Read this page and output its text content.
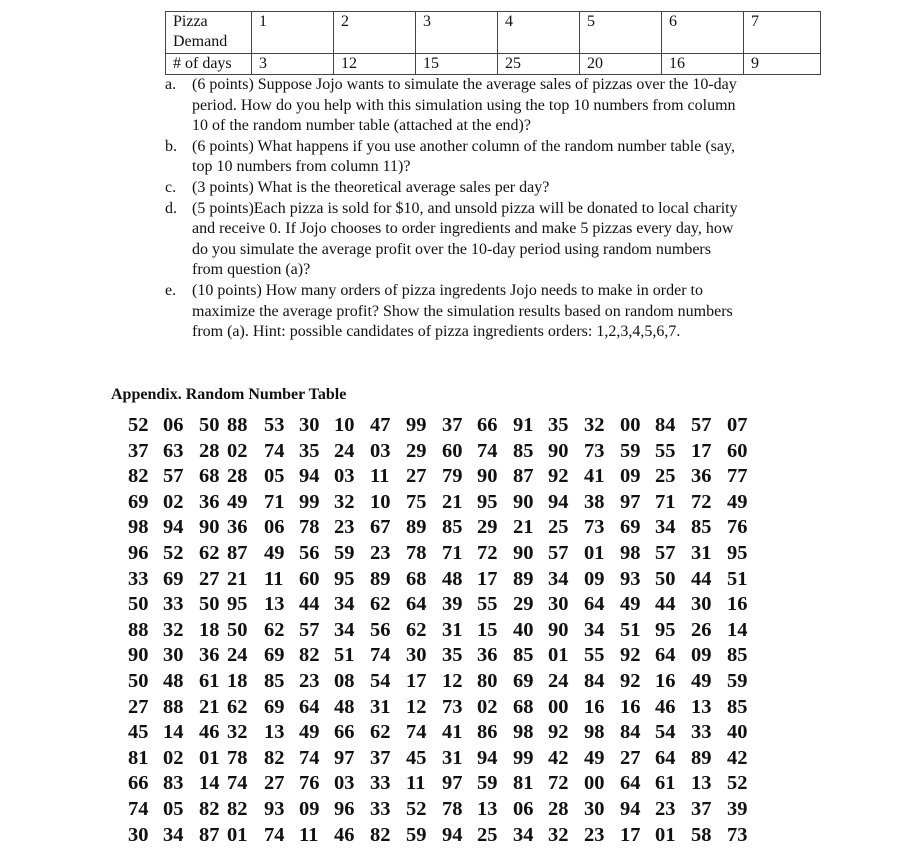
Pizza Demand	1	2	3	4	5	6	7
# of days	3	12	15	25	20	16	9
a. (6 points) Suppose Jojo wants to simulate the average sales of pizzas over the 10-day
period. How do you help with this simulation using the top 10 numbers from column
10 of the random number table (attached at the end)?
b. (6 points) What happens if you use another column of the random number table (say,
top 10 numbers from column 11)?
c. (3 points) What is the theoretical average sales per day?
d. (5 points)Each pizza is sold for $10, and unsold pizza will be donated to local charity
and receive 0. If Jojo chooses to order ingredients and make 5 pizzas every day, how
do you simulate the average profit over the 10-day period using random numbers
from question (a)?
e. (10 points) How many orders of pizza ingredents Jojo needs to make in order to
maximize the average profit? Show the simulation results based on random numbers
from (a). Hint: possible candidates of pizza ingredients orders: 1,2,3,4,5,6,7.
Appendix. Random Number Table
52 06 50 88 53 30 10 47 99 37 66 91 35 32 00 84 57 07
37 63 28 02 74 35 24 03 29 60 74 85 90 73 59 55 17 60
82 57 68 28 05 94 03 11 27 79 90 87 92 41 09 25 36 77
69 02 36 49 71 99 32 10 75 21 95 90 94 38 97 71 72 49
98 94 90 36 06 78 23 67 89 85 29 21 25 73 69 34 85 76
96 52 62 87 49 56 59 23 78 71 72 90 57 01 98 57 31 95
33 69 27 21 11 60 95 89 68 48 17 89 34 09 93 50 44 51
50 33 50 95 13 44 34 62 64 39 55 29 30 64 49 44 30 16
88 32 18 50 62 57 34 56 62 31 15 40 90 34 51 95 26 14
90 30 36 24 69 82 51 74 30 35 36 85 01 55 92 64 09 85
50 48 61 18 85 23 08 54 17 12 80 69 24 84 92 16 49 59
27 88 21 62 69 64 48 31 12 73 02 68 00 16 16 46 13 85
45 14 46 32 13 49 66 62 74 41 86 98 92 98 84 54 33 40
81 02 01 78 82 74 97 37 45 31 94 99 42 49 27 64 89 42
66 83 14 74 27 76 03 33 11 97 59 81 72 00 64 61 13 52
74 05 82 82 93 09 96 33 52 78 13 06 28 30 94 23 37 39
30 34 87 01 74 11 46 82 59 94 25 34 32 23 17 01 58 73
